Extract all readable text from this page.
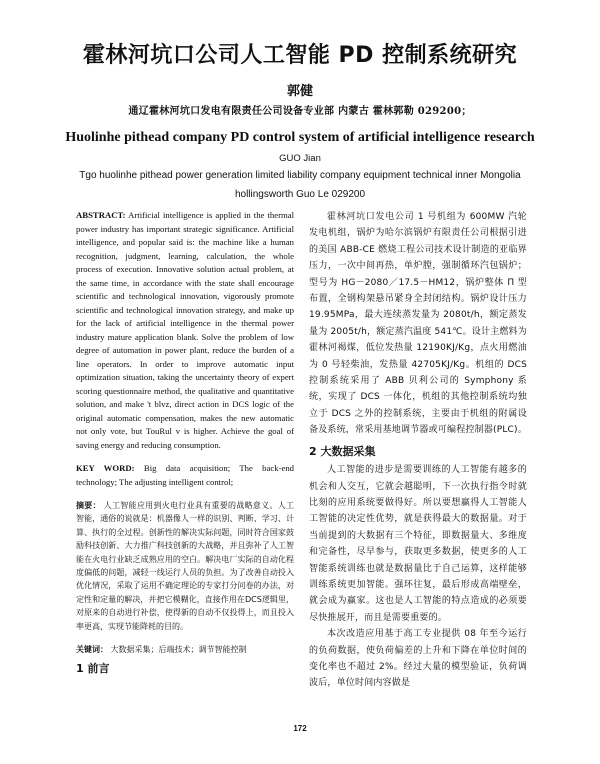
霍林河坑口公司人工智能 PD 控制系统研究
郭健
通辽霍林河坑口发电有限责任公司设备专业部 内蒙古 霍林郭勒 029200；
Huolinhe pithead company PD control system of artificial intelligence research
GUO Jian
Tgo huolinhe pithead power generation limited liability company equipment technical inner Mongolia
hollingsworth Guo Le 029200

ABSTRACT: Artificial intelligence is applied in the thermal power industry has important strategic significance. Artificial intelligence, and popular said is: the machine like a human recognition, judgment, learning, calculation, the whole process of execution. Innovative solution actual problem, at the same time, in accordance with the state shall encourage scientific and technological innovation, vigorously promote scientific and technological innovation strategy, and make up for the lack of artificial intelligence in the thermal power industry mature application blank. Solve the problem of low degree of automation in power plant, reduce the burden of a line operators. In order to improve automatic input optimization situation, taking the uncertainty theory of expert scoring questionnaire method, the qualitative and quantitative solution, and make 't blvz, direct action in DCS logic of the original automatic compensation, makes the new automatic not only vote, but TouRul v is higher. Achieve the goal of saving energy and reducing consumption.

KEY WORD: Big data acquisition; The back-end technology; The adjusting intelligent control;

摘要： 人工智能应用到火电行业具有重要的战略意义。人工智能，通俗的说就是：机器像人一样的识别、判断、学习、计算、执行的全过程。创新性的解决实际问题，同时符合国家鼓励科技创新、大力推广科技创新的大战略，并且弥补了人工智能在火电行业缺乏成熟应用的空白。解决电厂实际的自动化程度偏低的问题，减轻一线运行人员的负担。为了改善自动投入优化情况，采取了运用不确定理论的专家打分问卷的办法，对定性和定量的解决，并把它模糊化，直接作用在DCS逻辑里，对原来的自动进行补偿，使得新的自动不仅投得上，而且投入率更高，实现节能降耗的目的。

关键词： 大数据采集；后端技术；调节智能控制

1 前言

霍林河坑口发电公司 1 号机组为 600MW 汽轮发电机组，锅炉为哈尔滨锅炉有限责任公司根据引进的美国 ABB-CE 燃烧工程公司技术设计制造的亚临界压力，一次中间再热，单炉膛，强制循环汽包锅炉；型号为 HG－2080／17.5－HM12，锅炉整体 Π 型布置，全钢构架悬吊紧身全封闭结构。锅炉设计压力19.95MPa，最大连续蒸发量为 2080t/h，额定蒸发量为 2005t/h，额定蒸汽温度 541℃。设计主燃料为霍林河褐煤，低位发热量 12190KJ/Kg，点火用燃油为 0 号轻柴油，发热量 42705KJ/Kg。机组的 DCS 控制系统采用了 ABB 贝利公司的 Symphony 系统，实现了 DCS 一体化，机组的其他控制系统均独立于 DCS 之外的控制系统，主要由于机组的附属设备及系统，常采用基地调节器或可编程控制器(PLC)。

2 大数据采集

人工智能的进步是需要训练的人工智能有越多的机会和人交互，它就会越聪明，下一次执行指令时就比刻的应用系统要做得好。所以要想赢得人工智能人工智能的决定性优势，就是获得最大的数据量。对于当前提到的大数据有三个特征，即数据量大、多维度和完备性，尽早参与，获取更多数据，使更多的人工智能系统训练也就是数据量比于自己运算，这样能够训练系统更加智能。强环往复，最后形成高端壁垒，就会成为赢家。这也是人工智能的特点造成的必须要尽快推展开，而且是需要重要的。

本次改造应用基于高工专业提供 08 年至今运行的负荷数据，使负荷偏差的上升和下降在单位时间的变化率也不超过 2%。经过大量的模型验证，负荷调波后，单位时间内容做是

172
